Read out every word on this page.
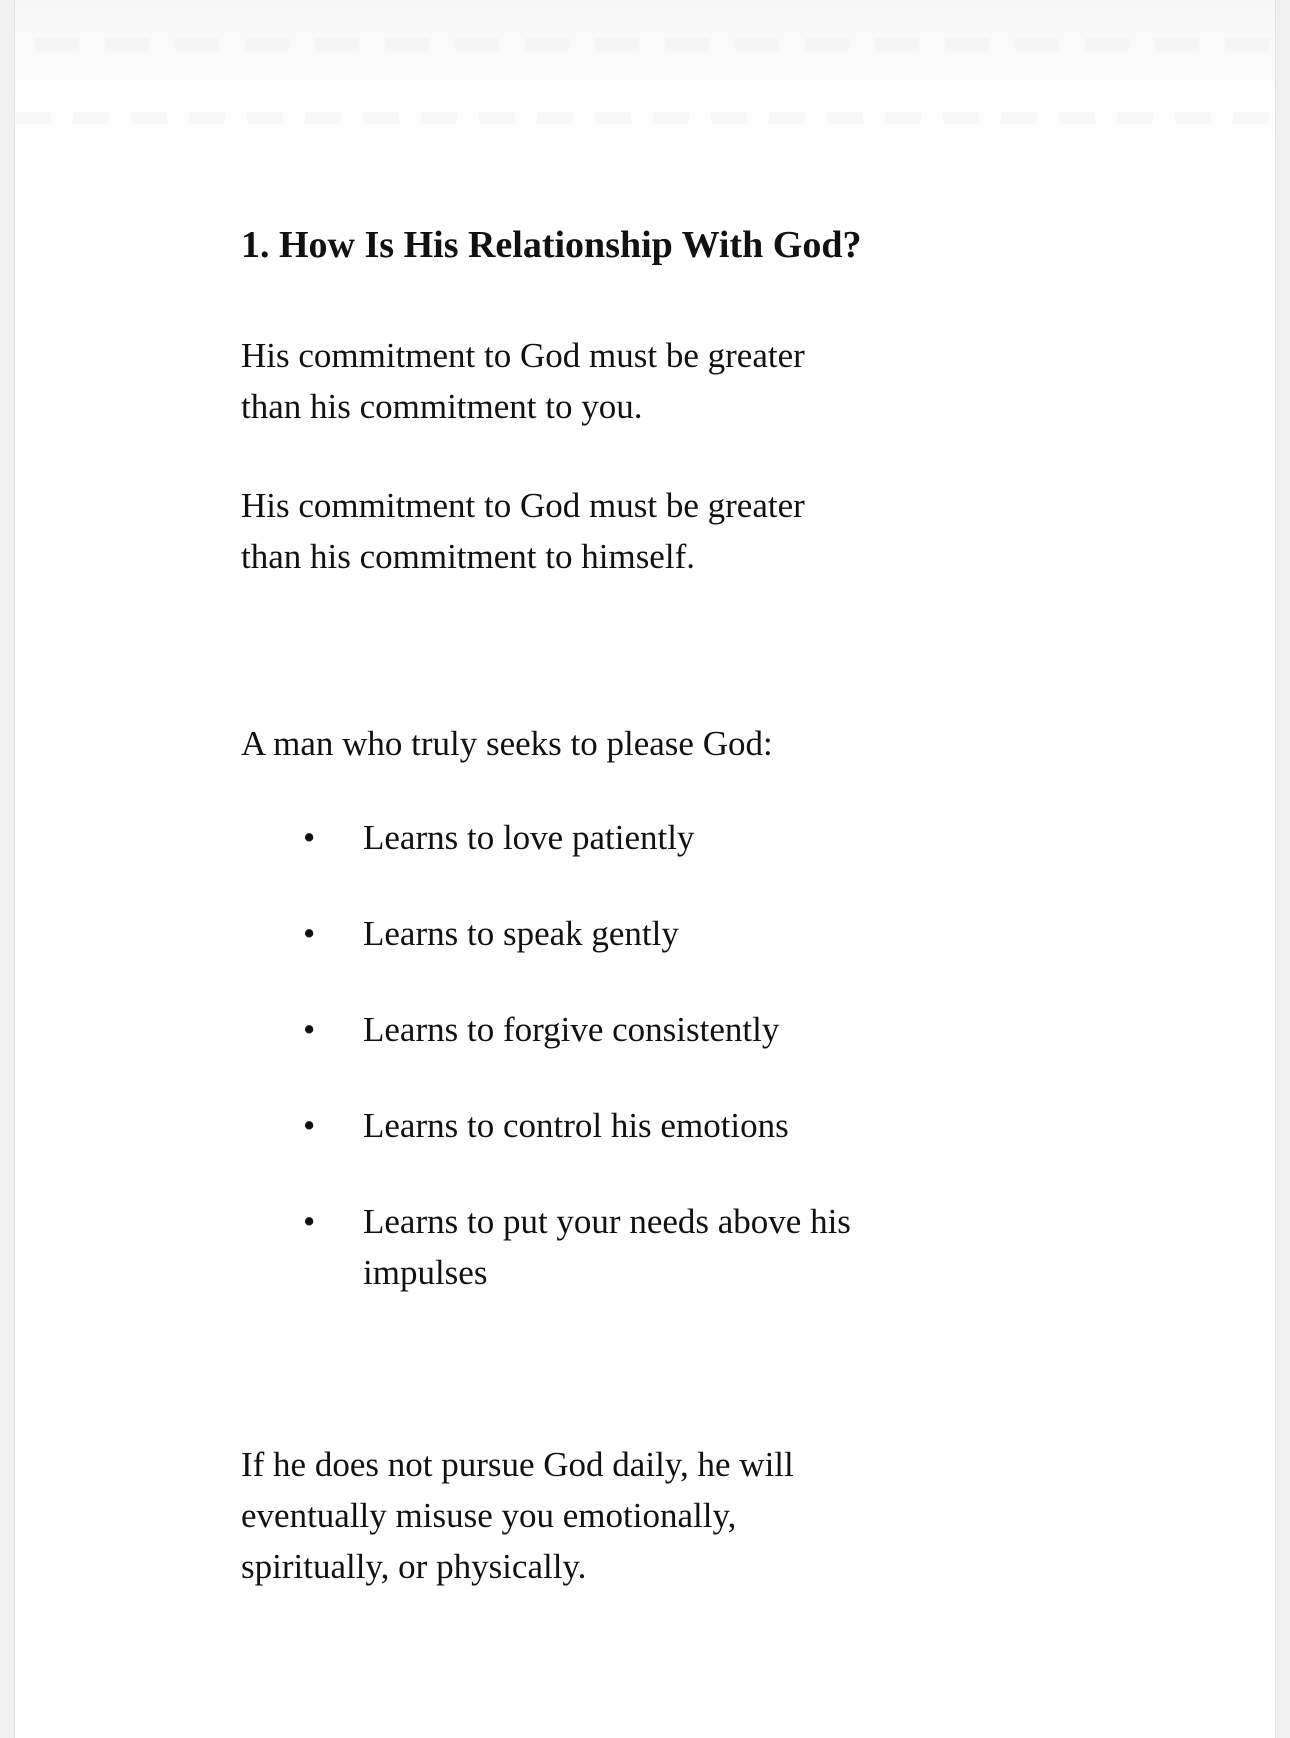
1. How Is His Relationship With God?

His commitment to God must be greater
than his commitment to you.

His commitment to God must be greater
than his commitment to himself.

A man who truly seeks to please God:

• Learns to love patiently
• Learns to speak gently
• Learns to forgive consistently
• Learns to control his emotions
• Learns to put your needs above his
impulses

If he does not pursue God daily, he will
eventually misuse you emotionally,
spiritually, or physically.
